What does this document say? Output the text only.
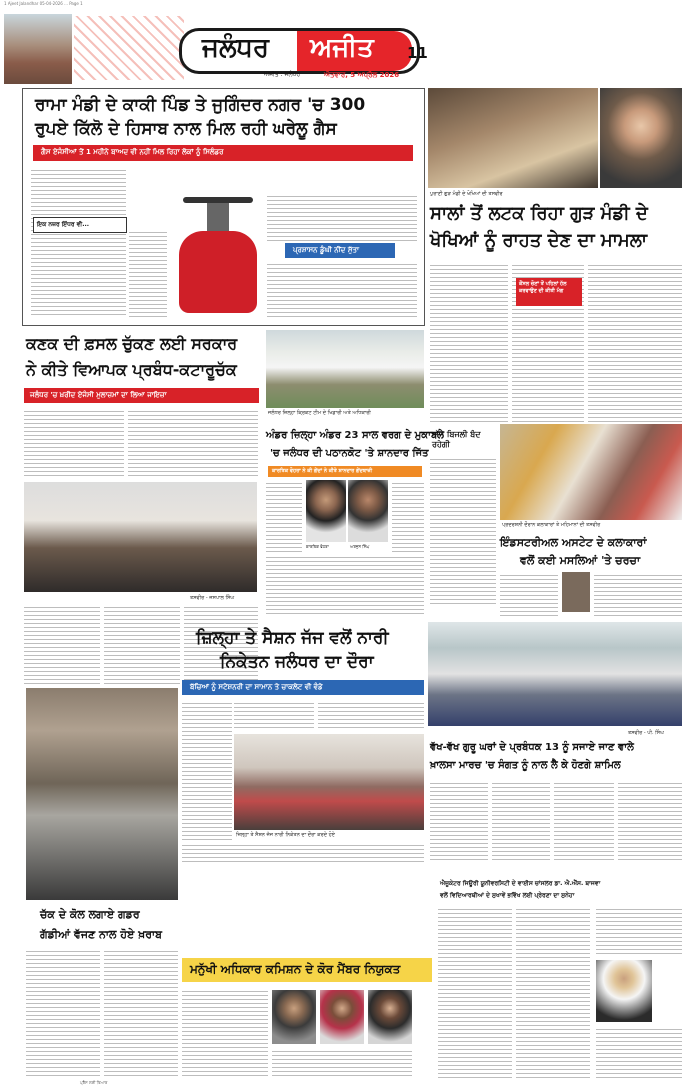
1 Ajeet Jalandhar 05-04-2026 ... Page 1
ਜਲੰਧਰ ਅਜੀਤ
ਅਜੀਤ : ਜਲੰਧਰ	ਐਤਵਾਰ, 5 ਅਪ੍ਰੈਲ 2026
11
ਰਾਮਾ ਮੰਡੀ ਦੇ ਕਾਕੀ ਪਿੰਡ ਤੇ ਜੁਗਿੰਦਰ ਨਗਰ 'ਚ 300
ਰੁਪਏ ਕਿੱਲੋ ਦੇ ਹਿਸਾਬ ਨਾਲ ਮਿਲ ਰਹੀ ਘਰੇਲੂ ਗੈਸ
ਗੈਸ ਏਜੰਸੀਆਂ ਤੋਂ 1 ਮਹੀਨੇ ਬਾਅਦ ਵੀ ਨਹੀਂ ਮਿਲ ਰਿਹਾ ਲੋਕਾਂ ਨੂੰ ਸਿਲੰਡਰ
ਇਕ ਨਜ਼ਰ ਇੱਧਰ ਵੀ...
ਪ੍ਰਸ਼ਾਸਨ ਡੂੰਘੀ ਨੀਂਦ ਸੁੱਤਾ
ਪੁਰਾਣੀ ਗੁੜ ਮੰਡੀ ਦੇ ਖੋਖਿਆਂ ਦੀ ਤਸਵੀਰ
ਸਾਲਾਂ ਤੋਂ ਲਟਕ ਰਿਹਾ ਗੁੜ ਮੰਡੀ ਦੇ
ਖੋਖਿਆਂ ਨੂੰ ਰਾਹਤ ਦੇਣ ਦਾ ਮਾਮਲਾ
ਕੌਂਸਲ ਚੋਣਾਂ ਤੋਂ ਪਹਿਲਾਂ ਹੱਲ ਕਰਵਾਉਣ ਦੀ ਕੀਤੀ ਮੰਗ
ਕਣਕ ਦੀ ਫ਼ਸਲ ਚੁੱਕਣ ਲਈ ਸਰਕਾਰ
ਨੇ ਕੀਤੇ ਵਿਆਪਕ ਪ੍ਰਬੰਧ-ਕਟਾਰੂਚੱਕ
ਜਲੰਧਰ 'ਚ ਖ਼ਰੀਦ ਏਜੰਸੀ ਮੁਲਾਜ਼ਮਾਂ ਦਾ ਲਿਆ ਜਾਇਜ਼ਾ
ਤਸਵੀਰ - ਜਸਪਾਲ ਸਿੰਘ
ਜਲੰਧਰ ਜ਼ਿਲ੍ਹਾ ਕ੍ਰਿਕਟ ਟੀਮ ਦੇ ਖਿਡਾਰੀ ਅਤੇ ਅਧਿਕਾਰੀ
ਅੰਡਰ ਜ਼ਿਲ੍ਹਾ ਅੰਡਰ 23 ਸਾਲ ਵਰਗ ਦੇ ਮੁਕਾਬਲੇ
'ਚ ਜਲੰਧਰ ਦੀ ਪਠਾਨਕੋਟ 'ਤੇ ਸ਼ਾਨਦਾਰ ਜਿੱਤ
ਕਾਰਤਿਕ ਵੋਹਰਾ ਨੇ ਕੀ ਗੇਂਦਾਂ ਨੇ ਕੀਤੇ ਸ਼ਾਨਦਾਰ ਗੇਂਦਬਾਜ਼ੀ
ਕਾਰਤਿਕ ਵੋਹਰਾ	ਅਰਜੁਨ ਸਿੰਘ
ਅੱਜ ਬਿਜਲੀ ਬੰਦ ਰਹੇਗੀ
ਪ੍ਰਦਰਸ਼ਨੀ ਦੌਰਾਨ ਕਲਾਕਾਰਾਂ ਤੇ ਮਹਿਮਾਨਾਂ ਦੀ ਤਸਵੀਰ
ਇੰਡਸਟਰੀਅਲ ਅਸਟੇਟ ਦੇ ਕਲਾਕਾਰਾਂ
ਵਲੋਂ ਕਈ ਮਸਲਿਆਂ 'ਤੇ ਚਰਚਾ
ਜ਼ਿਲ੍ਹਾ ਤੇ ਸੈਸ਼ਨ ਜੱਜ ਵਲੋਂ ਨਾਰੀ
ਨਿਕੇਤਨ ਜਲੰਧਰ ਦਾ ਦੌਰਾ
ਬੱਚਿਆਂ ਨੂੰ ਸਟੇਸ਼ਨਰੀ ਦਾ ਸਾਮਾਨ ਤੇ ਚਾਕਲੇਟ ਵੀ ਵੰਡੇ
ਜ਼ਿਲ੍ਹਾ ਤੇ ਸੈਸ਼ਨ ਜੱਜ ਨਾਰੀ ਨਿਕੇਤਨ ਦਾ ਦੌਰਾ ਕਰਦੇ ਹੋਏ
ਚੱਕ ਦੇ ਕੋਲ ਲਗਾਏ ਗਡਰ
ਗੱਡੀਆਂ ਵੱਜਣ ਨਾਲ ਹੋਏ ਖ਼ਰਾਬ
ਤਸਵੀਰ - ਪੀ. ਸਿੰਘ
ਵੱਖ-ਵੱਖ ਗੁਰੂ ਘਰਾਂ ਦੇ ਪ੍ਰਬੰਧਕ 13 ਨੂੰ ਸਜਾਏ ਜਾਣ ਵਾਲੇ
ਖ਼ਾਲਸਾ ਮਾਰਚ 'ਚ ਸੰਗਤ ਨੂੰ ਨਾਲ ਲੈ ਕੇ ਹੋਣਗੇ ਸ਼ਾਮਿਲ
ਮਨੁੱਖੀ ਅਧਿਕਾਰ ਕਮਿਸ਼ਨ ਦੇ ਕੋਰ ਮੈਂਬਰ ਨਿਯੁਕਤ
ਐਜੂਕੇਟਰ ਜਿਊਰੀ ਯੂਨੀਵਰਸਿਟੀ ਦੇ ਵਾਈਸ ਚਾਂਸਲਰ ਡਾ. ਐ.ਐੱਸ. ਬਾਜਵਾ
ਵਲੋਂ ਵਿਦਿਆਰਥੀਆਂ ਦੇ ਸੁਖਾਵੇਂ ਭਵਿੱਖ ਲਈ ਪ੍ਰੇਰਣਾ ਦਾ ਸੁਨੇਹਾ
ਪ੍ਰੈੱਸ ਲਈ ਤਿਆਰ
